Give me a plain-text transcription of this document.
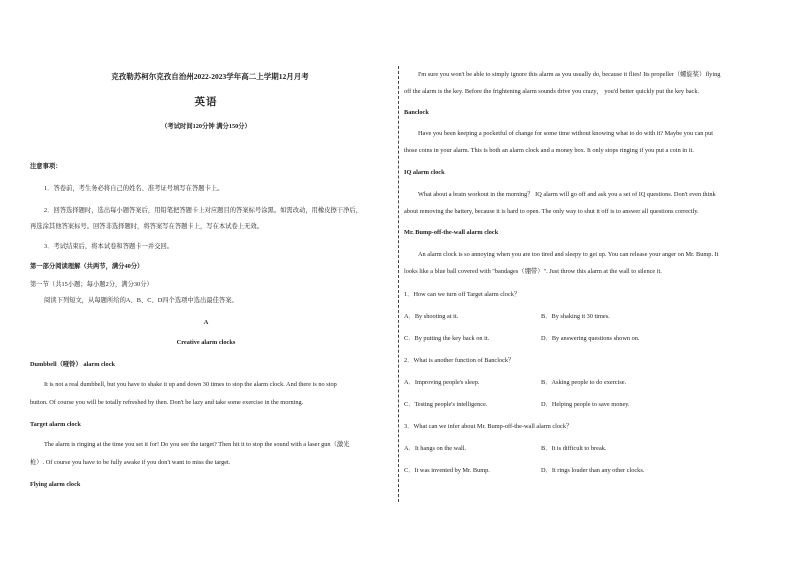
克孜勒苏柯尔克孜自治州2022-2023学年高二上学期12月月考
英语
（考试时间120分钟 满分150分）
注意事项：
1．答卷前，考生务必将自己的姓名、准考证号填写在答题卡上。
2．回答选择题时，选出每小题答案后，用铅笔把答题卡上对应题目的答案标号涂黑。如需改动，用橡皮擦干净后，
再选涂其他答案标号。回答非选择题时，将答案写在答题卡上，写在本试卷上无效。
3．考试结束后，将本试卷和答题卡一并交回。
第一部分阅读理解（共两节，满分40分）
第一节（共15小题；每小题2分，满分30分）
阅读下列短文，从每题所给的A、B、C、D四个选项中选出最佳答案。
A
Creative alarm clocks
Dumbbell（哑铃） alarm clock
It is not a real dumbbell, but you have to shake it up and down 30 times to stop the alarm clock. And there is no stop
button. Of course you will be totally refreshed by then. Don't be lazy and take some exercise in the morning.
Target alarm clock
The alarm is ringing at the time you set it for! Do you see the target? Then hit it to stop the sound with a laser gun（激光
枪）. Of course you have to be fully awake if you don't want to miss the target.
Flying alarm clock
I'm sure you won't be able to simply ignore this alarm as you usually do, because it flies! Its propeller（螺旋桨）flying
off the alarm is the key. Before the frightening alarm sounds drive you crazy， you'd better quickly put the key back.
Banclock
Have you been keeping a pocketful of change for some time without knowing what to do with it? Maybe you can put
those coins in your alarm. This is both an alarm clock and a money box. It only stops ringing if you put a coin in it.
IQ alarm clock
What about a brain workout in the morning？ IQ alarm will go off and ask you a set of IQ questions. Don't even think
about removing the battery, because it is hard to open. The only way to shut it off is to answer all questions correctly.
Mr. Bump-off-the-wall alarm clock
An alarm clock is so annoying when you are too tired and sleepy to get up. You can release your anger on Mr. Bump. It
looks like a blue ball covered with "bandages（绷带）". Just throw this alarm at the wall to silence it.
1．How can we turn off Target alarm clock？
A．By shooting at it.	B．By shaking it 30 times.
C．By putting the key back on it.	D．By answering questions shown on.
2．What is another function of Banclock？
A．Improving people's sleep.	B．Asking people to do exercise.
C．Testing people's intelligence.	D．Helping people to save money.
3．What can we infer about Mr. Bump-off-the-wall alarm clock？
A．It hangs on the wall.	B．It is difficult to break.
C．It was invented by Mr. Bump.	D．It rings louder than any other clocks.
